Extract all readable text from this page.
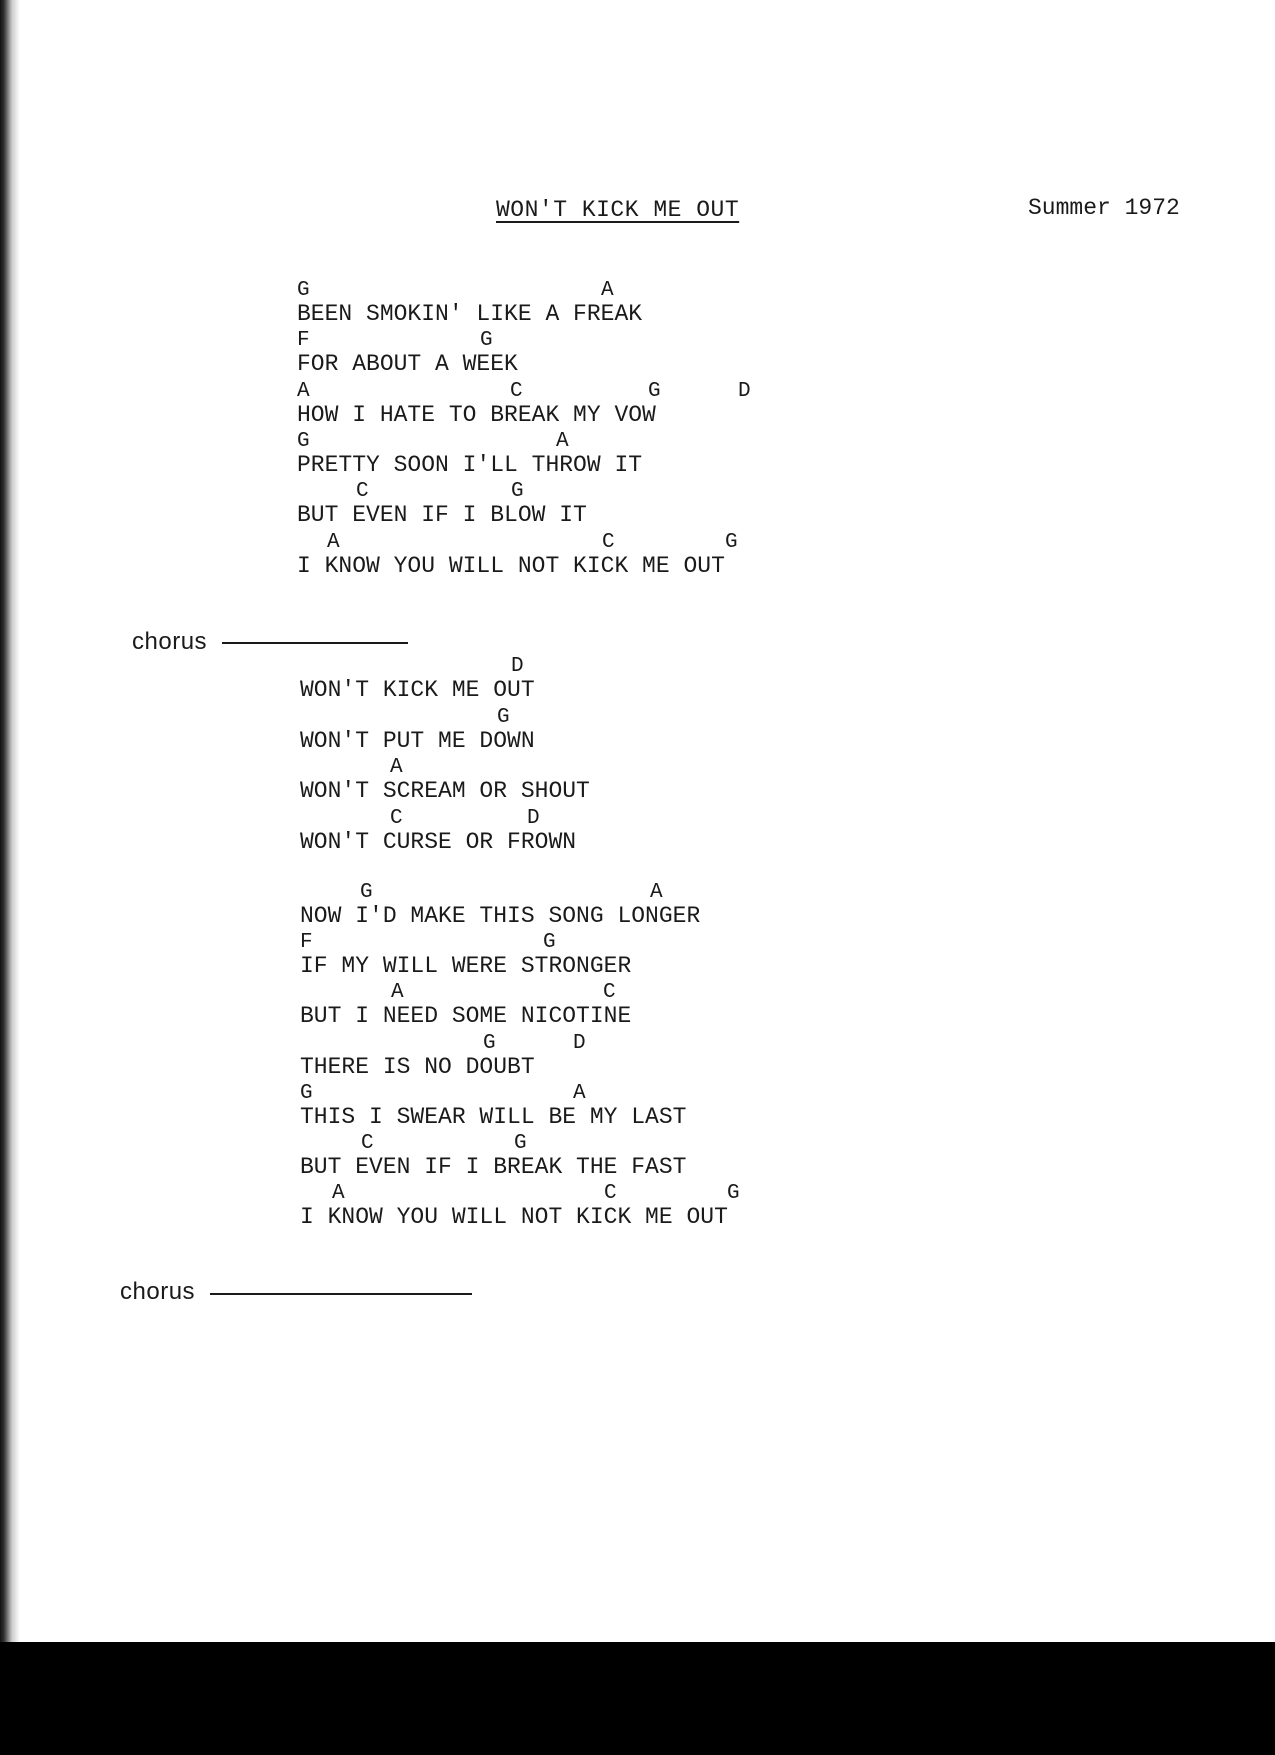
WON'T KICK ME OUT	Summer 1972
G	A
BEEN SMOKIN' LIKE A FREAK
F	G
FOR ABOUT A WEEK
A	C	G	D
HOW I HATE TO BREAK MY VOW
G	A
PRETTY SOON I'LL THROW IT
C	G
BUT EVEN IF I BLOW IT
A	C	G
I KNOW YOU WILL NOT KICK ME OUT
chorus
D
WON'T KICK ME OUT
G
WON'T PUT ME DOWN
A
WON'T SCREAM OR SHOUT
C	D
WON'T CURSE OR FROWN
G	A
NOW I'D MAKE THIS SONG LONGER
F	G
IF MY WILL WERE STRONGER
A	C
BUT I NEED SOME NICOTINE
G	D
THERE IS NO DOUBT
G	A
THIS I SWEAR WILL BE MY LAST
C	G
BUT EVEN IF I BREAK THE FAST
A	C	G
I KNOW YOU WILL NOT KICK ME OUT
chorus
